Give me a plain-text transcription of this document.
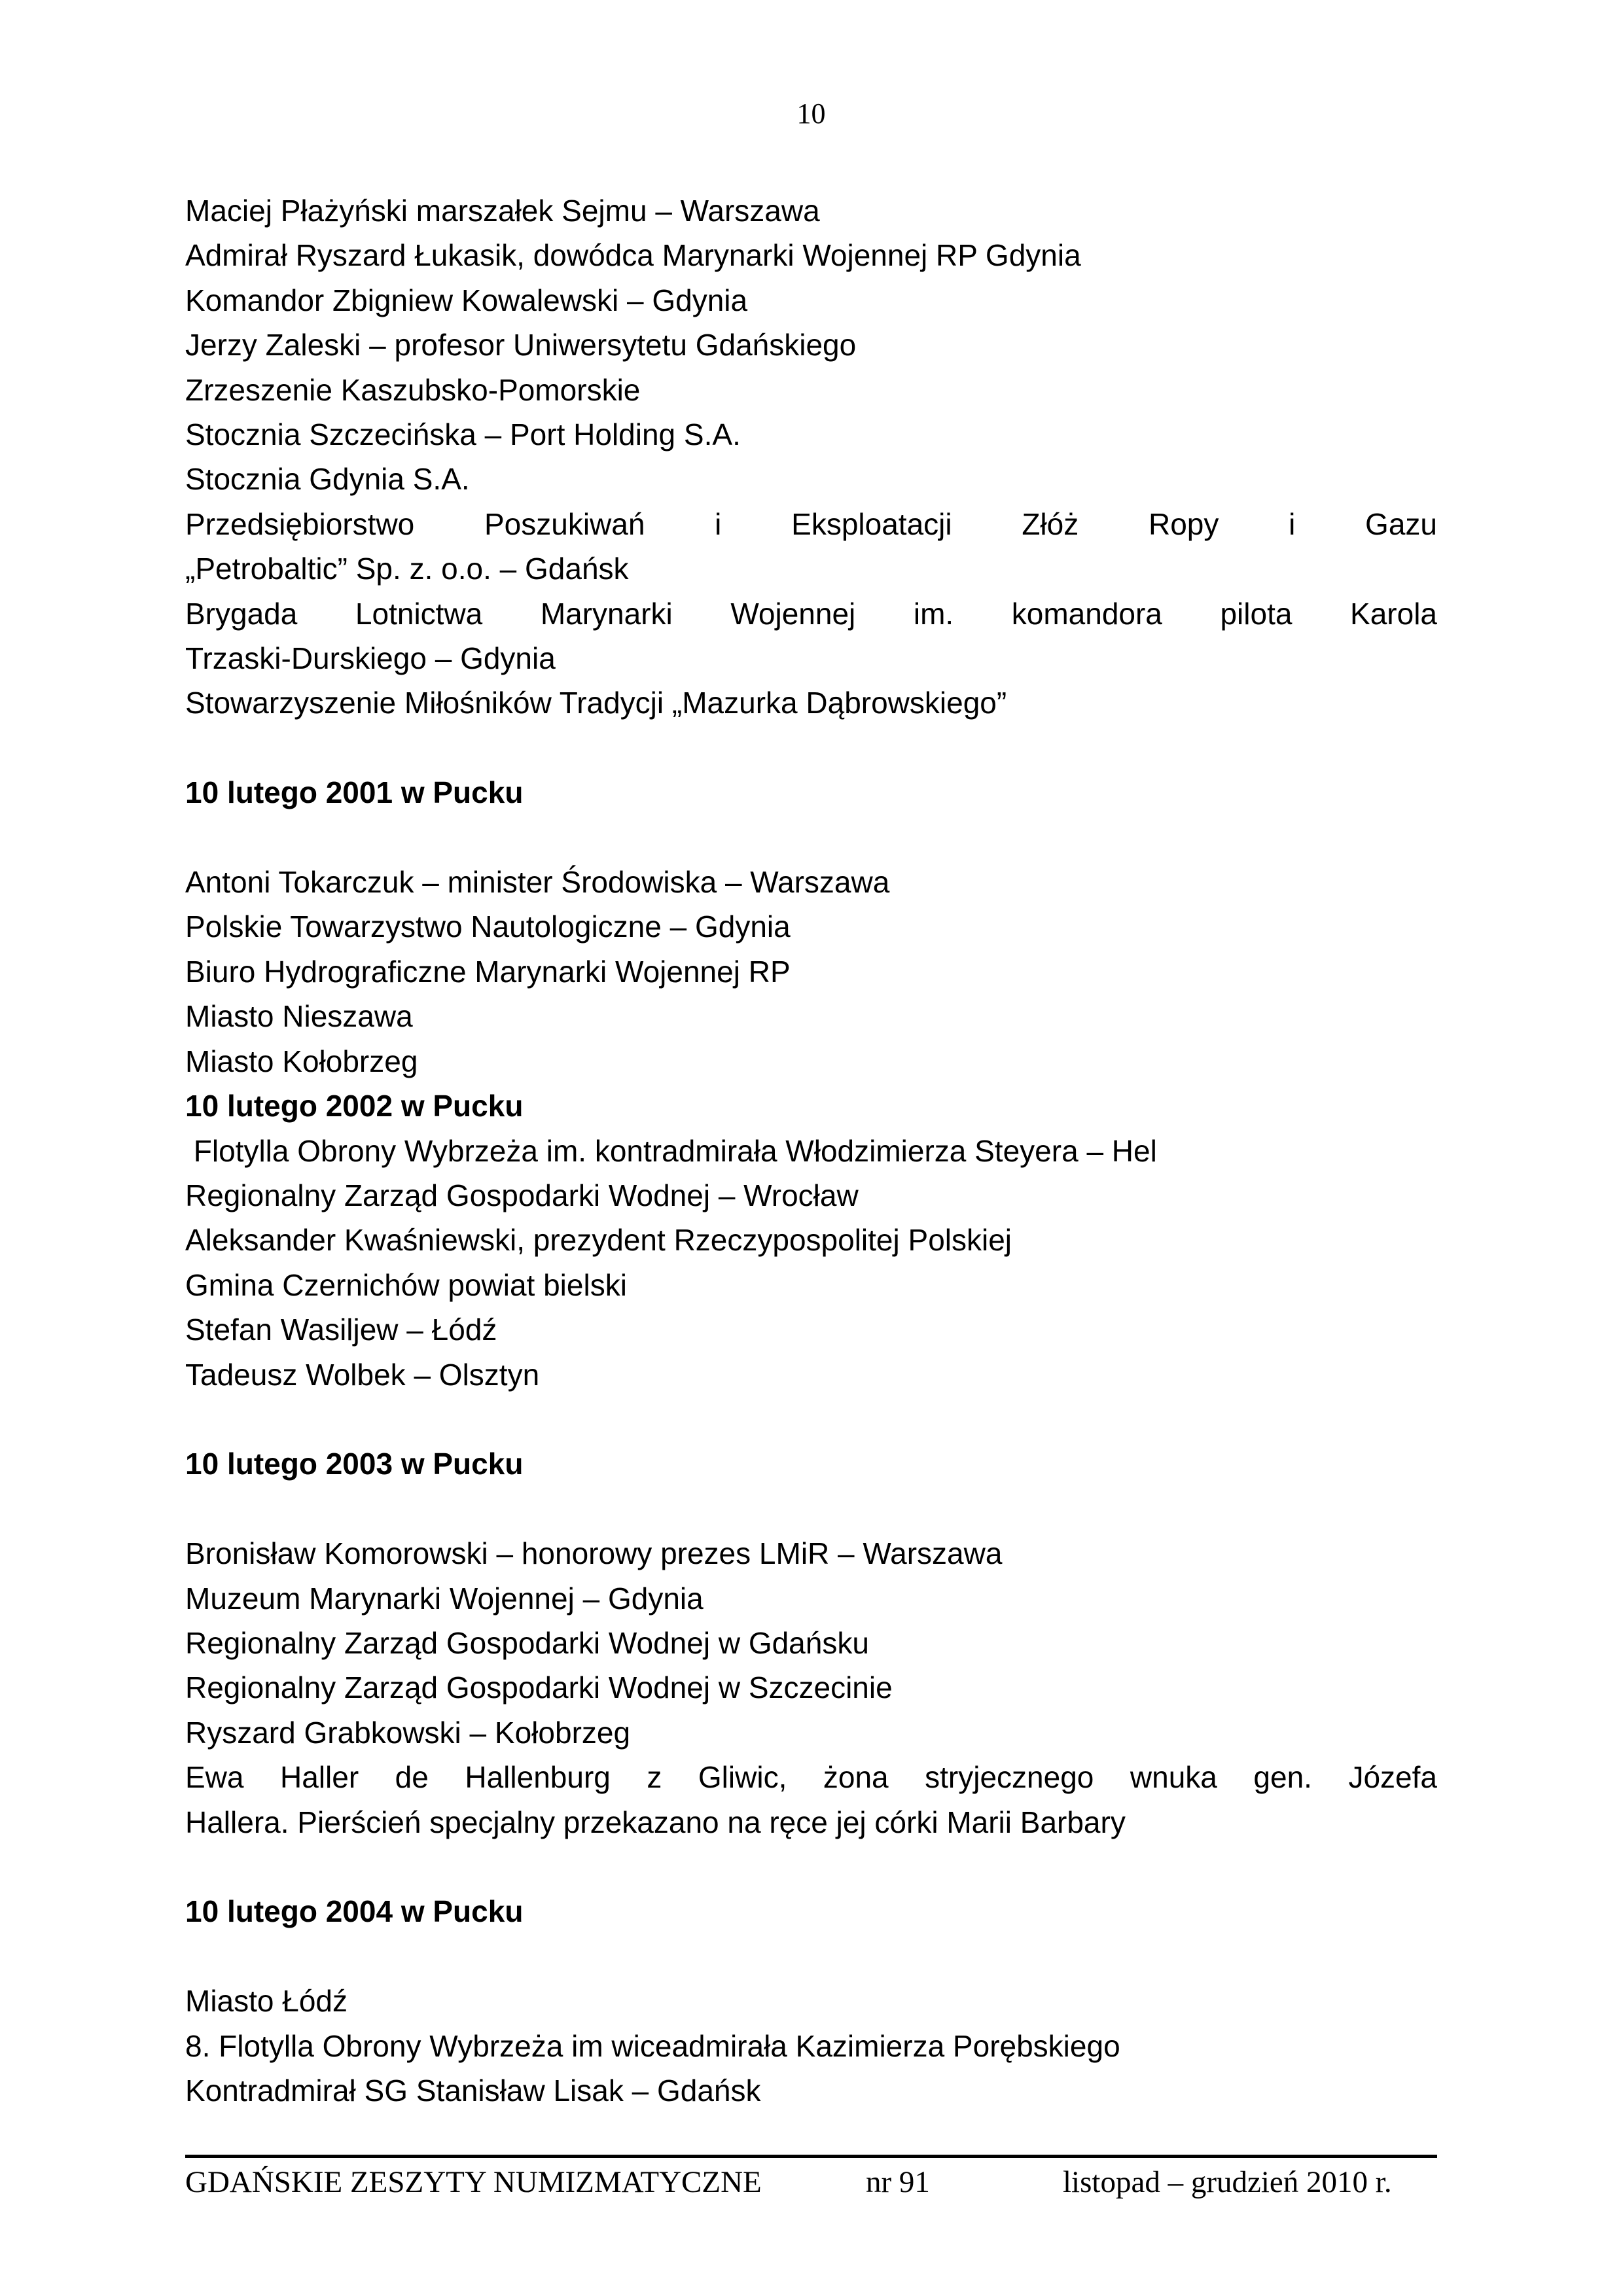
10
Maciej Płażyński marszałek Sejmu – Warszawa
Admirał Ryszard Łukasik, dowódca Marynarki Wojennej RP Gdynia
Komandor Zbigniew Kowalewski – Gdynia
Jerzy Zaleski – profesor Uniwersytetu Gdańskiego
Zrzeszenie Kaszubsko-Pomorskie
Stocznia Szczecińska – Port Holding S.A.
Stocznia Gdynia S.A.
Przedsiębiorstwo Poszukiwań i Eksploatacji Złóż Ropy i Gazu
„Petrobaltic” Sp. z. o.o. – Gdańsk
Brygada Lotnictwa Marynarki Wojennej im. komandora pilota Karola
Trzaski-Durskiego – Gdynia
Stowarzyszenie Miłośników Tradycji „Mazurka Dąbrowskiego”
10 lutego 2001 w Pucku
Antoni Tokarczuk – minister Środowiska – Warszawa
Polskie Towarzystwo Nautologiczne – Gdynia
Biuro Hydrograficzne Marynarki Wojennej RP
Miasto Nieszawa
Miasto Kołobrzeg
10 lutego 2002 w Pucku
Flotylla Obrony Wybrzeża im. kontradmirała Włodzimierza Steyera – Hel
Regionalny Zarząd Gospodarki Wodnej – Wrocław
Aleksander Kwaśniewski, prezydent Rzeczypospolitej Polskiej
Gmina Czernichów powiat bielski
Stefan Wasiljew – Łódź
Tadeusz Wolbek – Olsztyn
10 lutego 2003 w Pucku
Bronisław Komorowski – honorowy prezes LMiR – Warszawa
Muzeum Marynarki Wojennej – Gdynia
Regionalny Zarząd Gospodarki Wodnej w Gdańsku
Regionalny Zarząd Gospodarki Wodnej w Szczecinie
Ryszard Grabkowski – Kołobrzeg
Ewa Haller de Hallenburg z Gliwic, żona stryjecznego wnuka gen. Józefa
Hallera. Pierścień specjalny przekazano na ręce jej córki Marii Barbary
10 lutego 2004 w Pucku
Miasto Łódź
8. Flotylla Obrony Wybrzeża im wiceadmirała Kazimierza Porębskiego
Kontradmirał SG Stanisław Lisak – Gdańsk
GDAŃSKIE ZESZYTY NUMIZMATYCZNE	nr 91	listopad – grudzień 2010 r.
